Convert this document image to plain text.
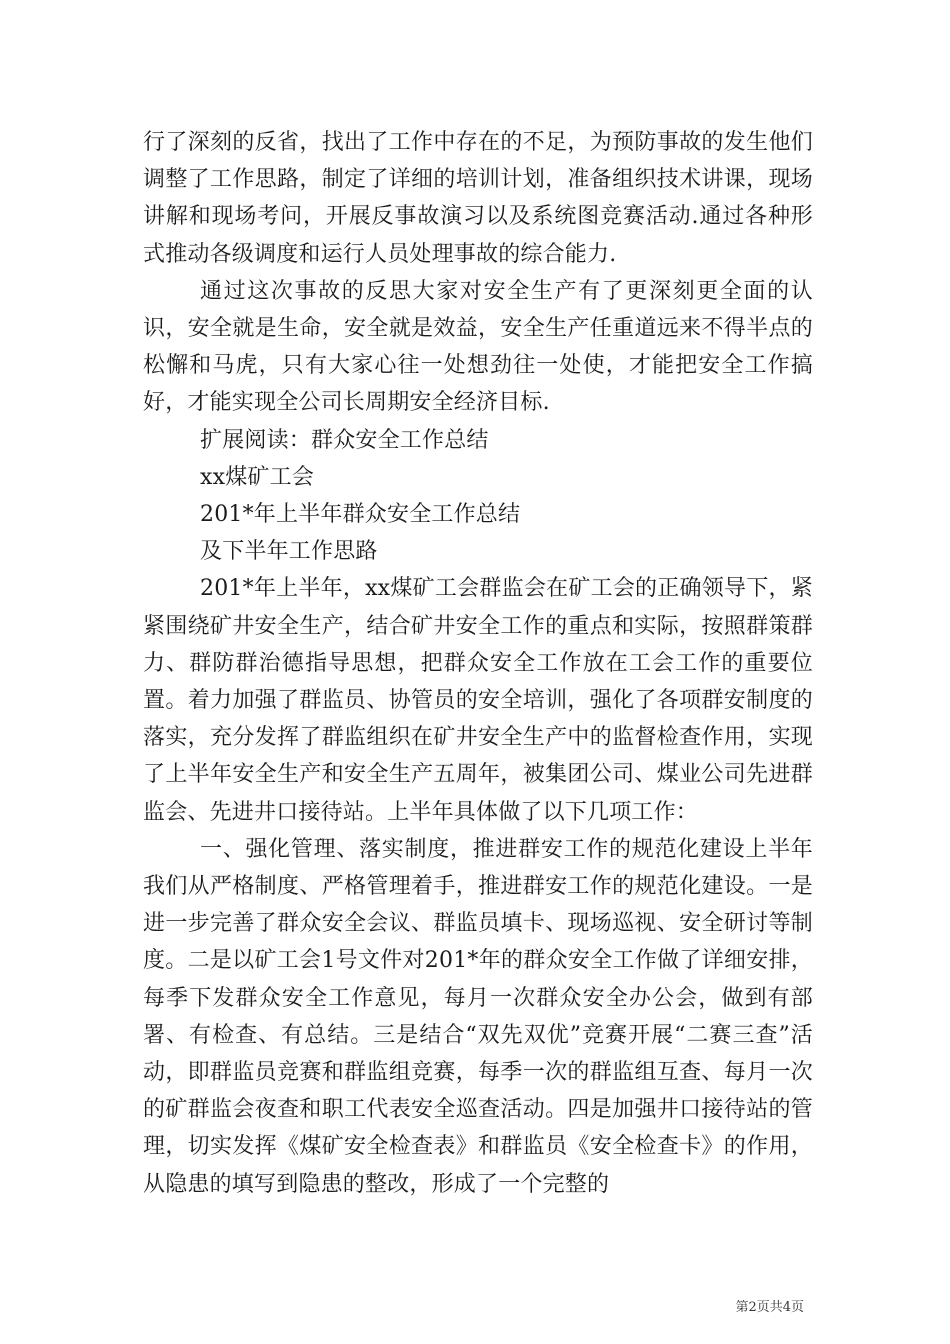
行了深刻的反省，找出了工作中存在的不足，为预防事故的发生他们调整了工作思路，制定了详细的培训计划，准备组织技术讲课，现场讲解和现场考问，开展反事故演习以及系统图竞赛活动.通过各种形式推动各级调度和运行人员处理事故的综合能力.

通过这次事故的反思大家对安全生产有了更深刻更全面的认识，安全就是生命，安全就是效益，安全生产任重道远来不得半点的松懈和马虎，只有大家心往一处想劲往一处使，才能把安全工作搞好，才能实现全公司长周期安全经济目标.

扩展阅读：群众安全工作总结

xx煤矿工会

201*年上半年群众安全工作总结

及下半年工作思路

201*年上半年，xx煤矿工会群监会在矿工会的正确领导下，紧紧围绕矿井安全生产，结合矿井安全工作的重点和实际，按照群策群力、群防群治德指导思想，把群众安全工作放在工会工作的重要位置。着力加强了群监员、协管员的安全培训，强化了各项群安制度的落实，充分发挥了群监组织在矿井安全生产中的监督检查作用，实现了上半年安全生产和安全生产五周年，被集团公司、煤业公司先进群监会、先进井口接待站。上半年具体做了以下几项工作：

一、强化管理、落实制度，推进群安工作的规范化建设上半年我们从严格制度、严格管理着手，推进群安工作的规范化建设。一是进一步完善了群众安全会议、群监员填卡、现场巡视、安全研讨等制度。二是以矿工会1号文件对201*年的群众安全工作做了详细安排，每季下发群众安全工作意见，每月一次群众安全办公会，做到有部署、有检查、有总结。三是结合“双先双优”竞赛开展“二赛三查”活动，即群监员竞赛和群监组竞赛，每季一次的群监组互查、每月一次的矿群监会夜查和职工代表安全巡查活动。四是加强井口接待站的管理，切实发挥《煤矿安全检查表》和群监员《安全检查卡》的作用，从隐患的填写到隐患的整改，形成了一个完整的

第2页共4页
